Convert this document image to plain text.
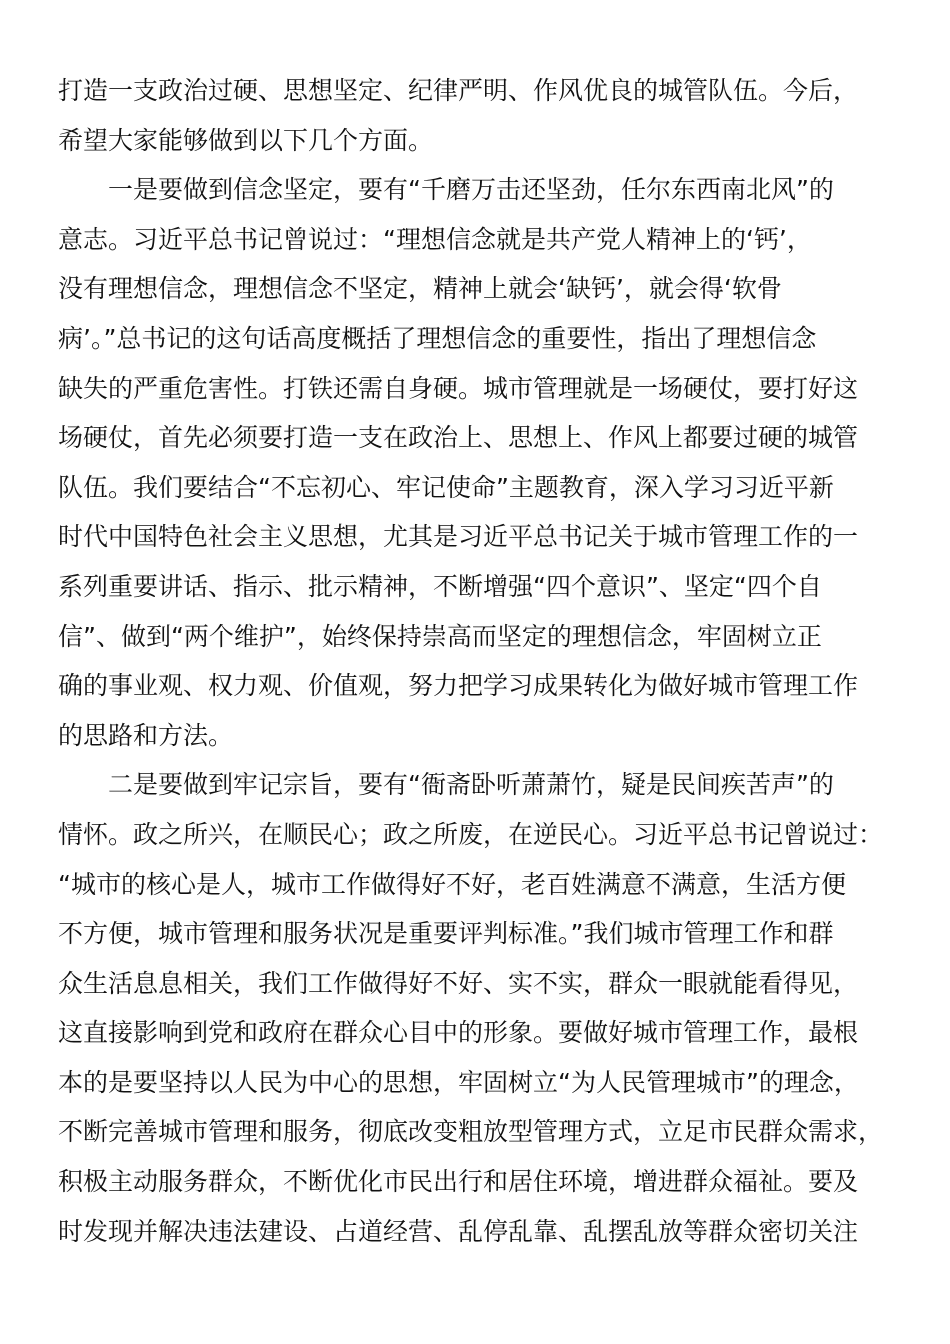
打造一支政治过硬、思想坚定、纪律严明、作风优良的城管队伍。今后，
希望大家能够做到以下几个方面。
一是要做到信念坚定，要有“千磨万击还坚劲，任尔东西南北风”的
意志。习近平总书记曾说过：“理想信念就是共产党人精神上的‘钙’，
没有理想信念，理想信念不坚定，精神上就会‘缺钙’，就会得‘软骨
病’。”总书记的这句话高度概括了理想信念的重要性，指出了理想信念
缺失的严重危害性。打铁还需自身硬。城市管理就是一场硬仗，要打好这
场硬仗，首先必须要打造一支在政治上、思想上、作风上都要过硬的城管
队伍。我们要结合“不忘初心、牢记使命”主题教育，深入学习习近平新
时代中国特色社会主义思想，尤其是习近平总书记关于城市管理工作的一
系列重要讲话、指示、批示精神，不断增强“四个意识”、坚定“四个自
信”、做到“两个维护”，始终保持崇高而坚定的理想信念，牢固树立正
确的事业观、权力观、价值观，努力把学习成果转化为做好城市管理工作
的思路和方法。
二是要做到牢记宗旨，要有“衙斋卧听萧萧竹，疑是民间疾苦声”的
情怀。政之所兴，在顺民心；政之所废，在逆民心。习近平总书记曾说过：
“城市的核心是人，城市工作做得好不好，老百姓满意不满意，生活方便
不方便，城市管理和服务状况是重要评判标准。”我们城市管理工作和群
众生活息息相关，我们工作做得好不好、实不实，群众一眼就能看得见，
这直接影响到党和政府在群众心目中的形象。要做好城市管理工作，最根
本的是要坚持以人民为中心的思想，牢固树立“为人民管理城市”的理念，
不断完善城市管理和服务，彻底改变粗放型管理方式，立足市民群众需求，
积极主动服务群众，不断优化市民出行和居住环境，增进群众福祉。要及
时发现并解决违法建设、占道经营、乱停乱靠、乱摆乱放等群众密切关注
